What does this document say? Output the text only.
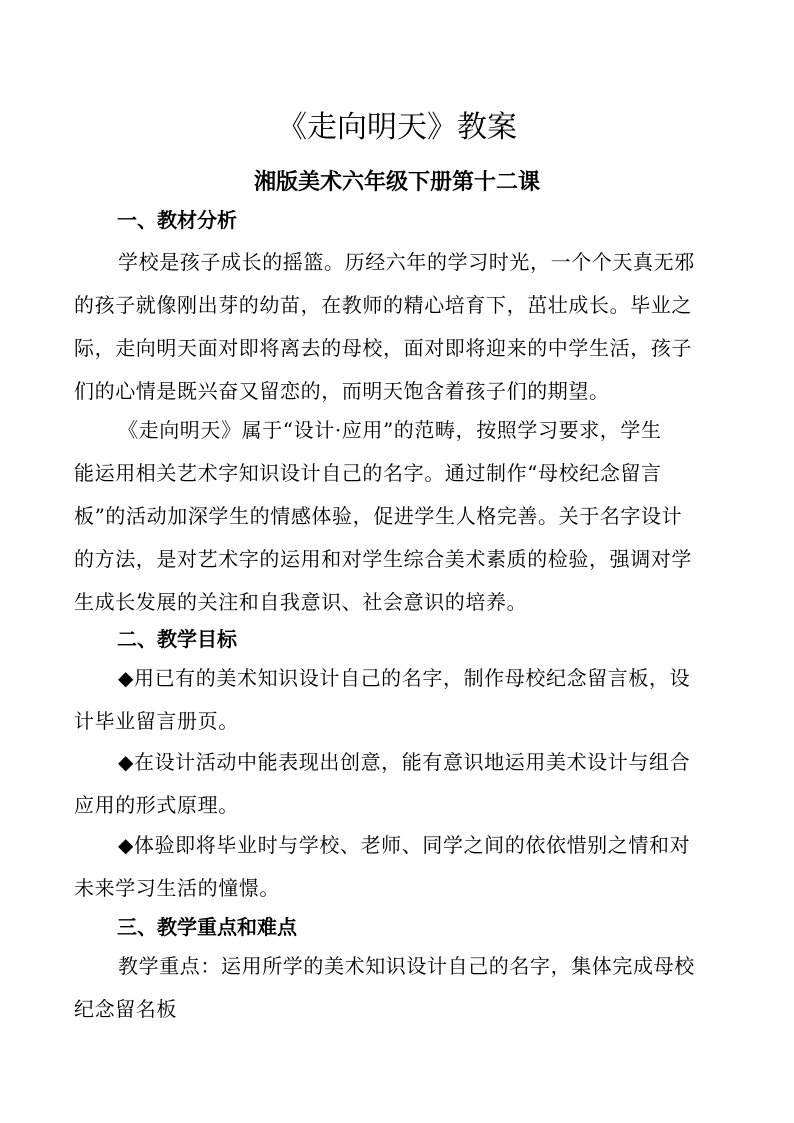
《走向明天》教案
湘版美术六年级下册第十二课
一、教材分析
学校是孩子成长的摇篮。历经六年的学习时光，一个个天真无邪
的孩子就像刚出芽的幼苗，在教师的精心培育下，茁壮成长。毕业之
际，走向明天面对即将离去的母校，面对即将迎来的中学生活，孩子
们的心情是既兴奋又留恋的，而明天饱含着孩子们的期望。
《走向明天》属于“设计·应用”的范畴，按照学习要求，学生
能运用相关艺术字知识设计自己的名字。通过制作“母校纪念留言
板”的活动加深学生的情感体验，促进学生人格完善。关于名字设计
的方法，是对艺术字的运用和对学生综合美术素质的检验，强调对学
生成长发展的关注和自我意识、社会意识的培养。
二、教学目标
◆用已有的美术知识设计自己的名字，制作母校纪念留言板，设
计毕业留言册页。
◆在设计活动中能表现出创意，能有意识地运用美术设计与组合
应用的形式原理。
◆体验即将毕业时与学校、老师、同学之间的依依惜别之情和对
未来学习生活的憧憬。
三、教学重点和难点
教学重点：运用所学的美术知识设计自己的名字，集体完成母校
纪念留名板
